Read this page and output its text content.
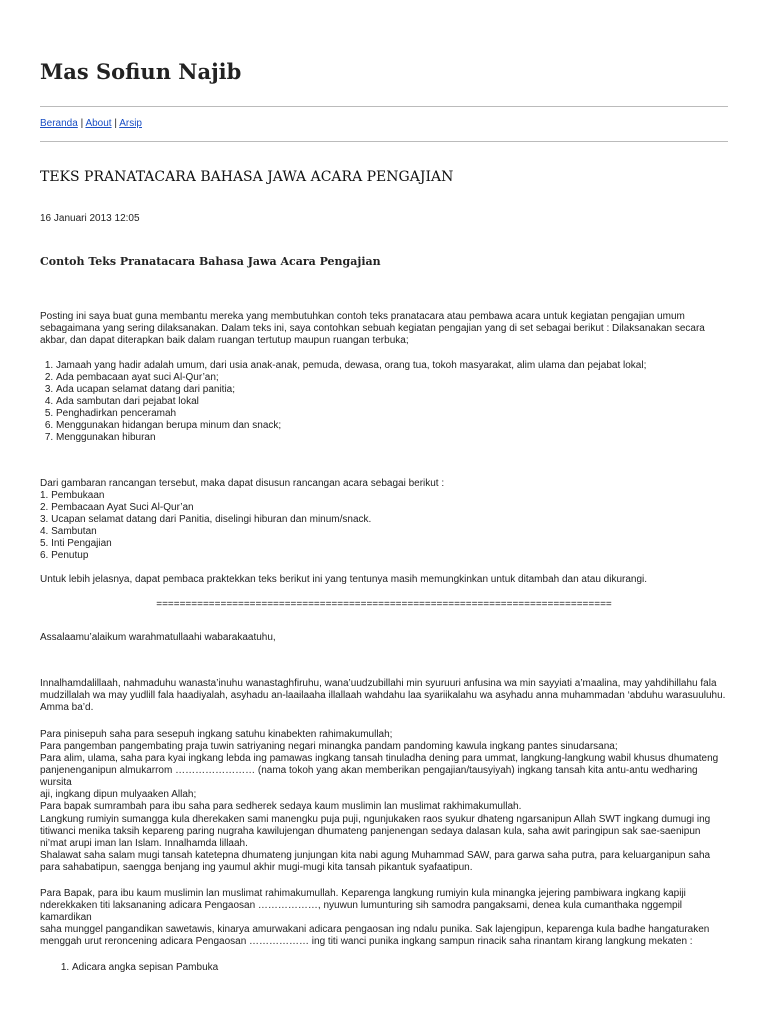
Mas Sofiun Najib
Beranda | About | Arsip
TEKS PRANATACARA BAHASA JAWA ACARA PENGAJIAN
16 Januari 2013 12:05
Contoh Teks Pranatacara Bahasa Jawa Acara Pengajian
Posting ini saya buat guna membantu mereka yang membutuhkan contoh teks pranatacara atau pembawa acara untuk kegiatan pengajian umum
sebagaimana yang sering dilaksanakan. Dalam teks ini, saya contohkan sebuah kegiatan pengajian yang di set sebagai berikut : Dilaksanakan secara
akbar, dan dapat diterapkan baik dalam ruangan tertutup maupun ruangan terbuka;
1. Jamaah yang hadir adalah umum, dari usia anak-anak, pemuda, dewasa, orang tua, tokoh masyarakat, alim ulama dan pejabat lokal;
2. Ada pembacaan ayat suci Al-Qur’an;
3. Ada ucapan selamat datang dari panitia;
4. Ada sambutan dari pejabat lokal
5. Penghadirkan penceramah
6. Menggunakan hidangan berupa minum dan snack;
7. Menggunakan hiburan
Dari gambaran rancangan tersebut, maka dapat disusun rancangan acara sebagai berikut :
1. Pembukaan
2. Pembacaan Ayat Suci Al-Qur’an
3. Ucapan selamat datang dari Panitia, diselingi hiburan dan minum/snack.
4. Sambutan
5. Inti Pengajian
6. Penutup

Untuk lebih jelasnya, dapat pembaca praktekkan teks berikut ini yang tentunya masih memungkinkan untuk ditambah dan atau dikurangi.

==============================================================================

Assalaamu’alaikum warahmatullaahi wabarakaatuhu,

Innalhamdalillaah, nahmaduhu wanasta’inuhu wanastaghfiruhu, wana’uudzubillahi min syuruuri anfusina wa min sayyiati a’maalina, may yahdihillahu fala
mudzillalah wa may yudlill fala haadiyalah, asyhadu an-laailaaha illallaah wahdahu laa syariikalahu wa asyhadu anna muhammadan ‘abduhu warasuuluhu.
Amma ba’d.
Para pinisepuh saha para sesepuh ingkang satuhu kinabekten rahimakumullah;
Para pangemban pangembating praja tuwin satriyaning negari minangka pandam pandoming kawula ingkang pantes sinudarsana;
Para alim, ulama, saha para kyai ingkang lebda ing pamawas ingkang tansah tinuladha dening para ummat, langkung-langkung wabil khusus dhumateng
panjenenganipun almukarrom …………………… (nama tokoh yang akan memberikan pengajian/tausyiyah) ingkang tansah kita antu-antu wedharing wursita
aji, ingkang dipun mulyaaken Allah;
Para bapak sumrambah para ibu saha para sedherek sedaya kaum muslimin lan muslimat rakhimakumullah.
Langkung rumiyin sumangga kula dherekaken sami manengku puja puji, ngunjukaken raos syukur dhateng ngarsanipun Allah SWT ingkang dumugi ing
titiwanci menika taksih kepareng paring nugraha kawilujengan dhumateng panjenengan sedaya dalasan kula, saha awit paringipun sak sae-saenipun
ni’mat arupi iman lan Islam. Innalhamda lillaah.
Shalawat saha salam mugi tansah katetepna dhumateng junjungan kita nabi agung Muhammad SAW, para garwa saha putra, para keluarganipun saha
para sahabatipun, saengga benjang ing yaumul akhir mugi-mugi kita tansah pikantuk syafaatipun.
Para Bapak, para ibu kaum muslimin lan muslimat rahimakumullah. Keparenga langkung rumiyin kula minangka jejering pambiwara ingkang kapiji
nderekkaken titi laksananing adicara Pengaosan ………………, nyuwun lumunturing sih samodra pangaksami, denea kula cumanthaka nggempil kamardikan
saha munggel pangandikan sawetawis, kinarya amurwakani adicara pengaosan ing ndalu punika. Sak lajengipun, keparenga kula badhe hangaturaken
menggah urut reroncening adicara Pengaosan ……………… ing titi wanci punika ingkang sampun rinacik saha rinantam kirang langkung mekaten :
1. Adicara angka sepisan Pambuka
